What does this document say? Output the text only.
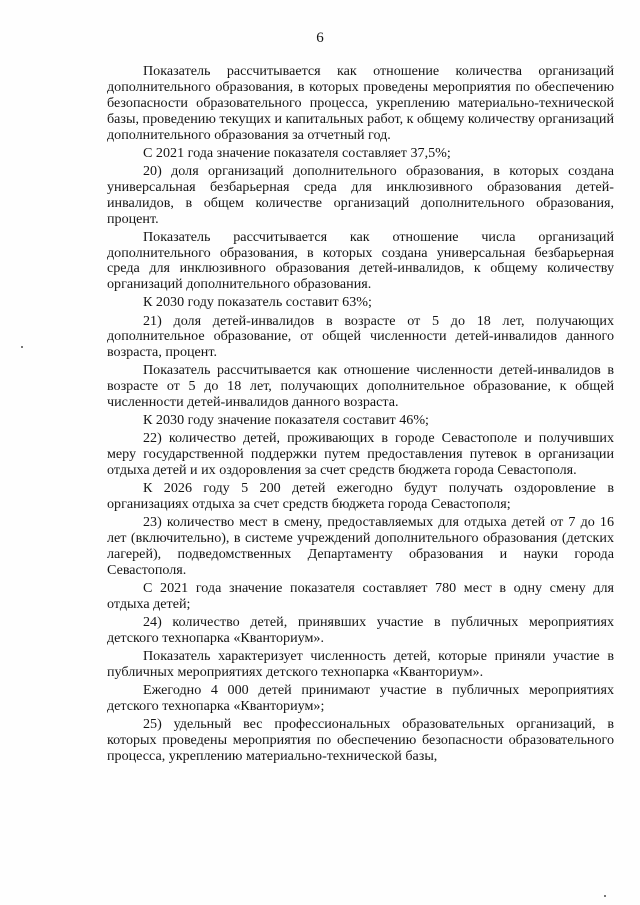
6

Показатель рассчитывается как отношение количества организаций дополнительного образования, в которых проведены мероприятия по обеспечению безопасности образовательного процесса, укреплению материально-технической базы, проведению текущих и капитальных работ, к общему количеству организаций дополнительного образования за отчетный год.

С 2021 года значение показателя составляет 37,5%;

20) доля организаций дополнительного образования, в которых создана универсальная безбарьерная среда для инклюзивного образования детей-инвалидов, в общем количестве организаций дополнительного образования, процент.

Показатель рассчитывается как отношение числа организаций дополнительного образования, в которых создана универсальная безбарьерная среда для инклюзивного образования детей-инвалидов, к общему количеству организаций дополнительного образования.

К 2030 году показатель составит 63%;

21) доля детей-инвалидов в возрасте от 5 до 18 лет, получающих дополнительное образование, от общей численности детей-инвалидов данного возраста, процент.

Показатель рассчитывается как отношение численности детей-инвалидов в возрасте от 5 до 18 лет, получающих дополнительное образование, к общей численности детей-инвалидов данного возраста.

К 2030 году значение показателя составит 46%;

22) количество детей, проживающих в городе Севастополе и получивших меру государственной поддержки путем предоставления путевок в организации отдыха детей и их оздоровления за счет средств бюджета города Севастополя.

К 2026 году 5 200 детей ежегодно будут получать оздоровление в организациях отдыха за счет средств бюджета города Севастополя;

23) количество мест в смену, предоставляемых для отдыха детей от 7 до 16 лет (включительно), в системе учреждений дополнительного образования (детских лагерей), подведомственных Департаменту образования и науки города Севастополя.

С 2021 года значение показателя составляет 780 мест в одну смену для отдыха детей;

24) количество детей, принявших участие в публичных мероприятиях детского технопарка «Кванториум».

Показатель характеризует численность детей, которые приняли участие в публичных мероприятиях детского технопарка «Кванториум».

Ежегодно 4 000 детей принимают участие в публичных мероприятиях детского технопарка «Кванториум»;

25) удельный вес профессиональных образовательных организаций, в которых проведены мероприятия по обеспечению безопасности образовательного процесса, укреплению материально-технической базы,
